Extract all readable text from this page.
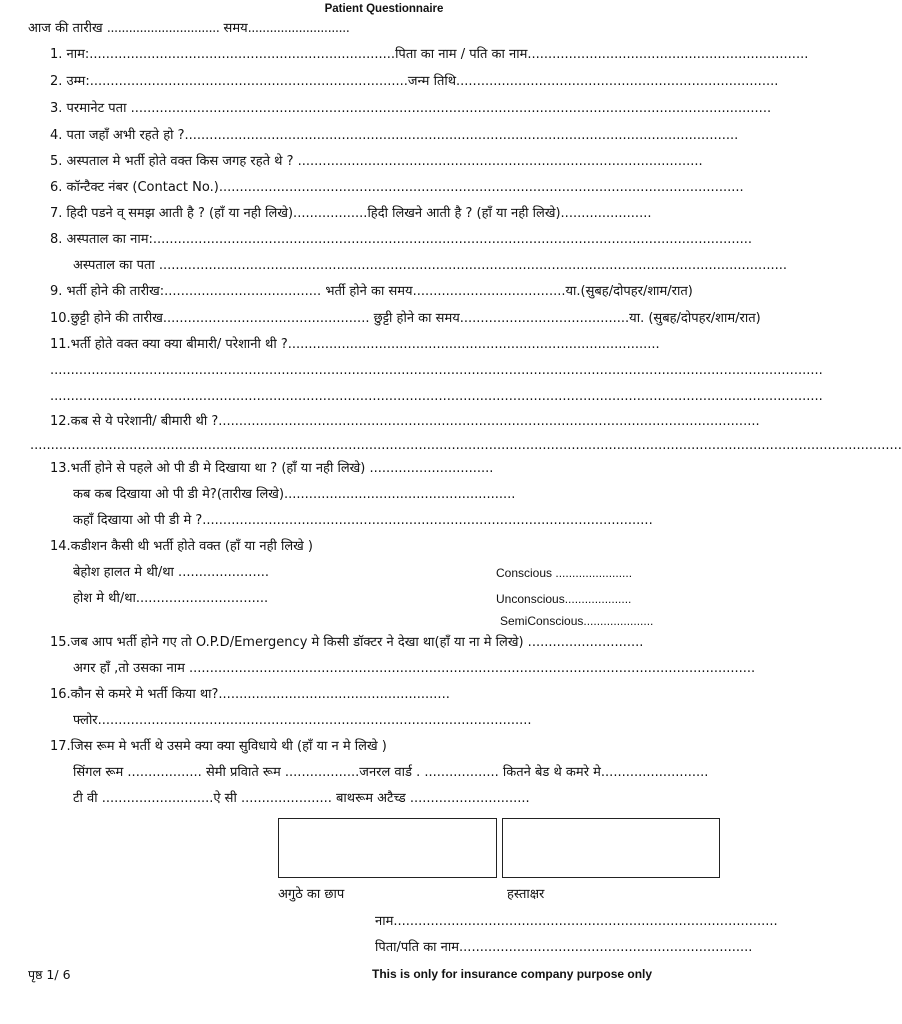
Patient Questionnaire
आज की तारीख ............................... समय............................
1. नाम:..........................................................................पिता का नाम / पति का नाम....................................................................
2. उम्म:.............................................................................जन्म तिथि..............................................................................
3. परमानेट पता ...........................................................................................................................................................
4. पता जहाँ अभी रहते हो ?......................................................................................................................................
5. अस्पताल मे भर्ती होते वक्त किस जगह रहते थे ? ..................................................................................................
6. कॉन्टैक्ट नंबर (Contact No.)...............................................................................................................................
7. हिदी पडने व् समझ आती है ? (हाँ या नही लिखे)..................हिदी लिखने आती है ? (हाँ या नही लिखे)......................
8. अस्पताल का नाम:.................................................................................................................................................
अस्पताल का पता ........................................................................................................................................................
9. भर्ती होने की तारीख:...................................... भर्ती होने का समय.....................................या.(सुबह/दोपहर/शाम/रात)
10.छुट्टी होने की तारीख.................................................. छुट्टी होने का समय.........................................या. (सुबह/दोपहर/शाम/रात)
11.भर्ती होते वक्त क्या क्या बीमारी/ परेशानी थी ?..........................................................................................
...........................................................................................................................................................................................
...........................................................................................................................................................................................
12.कब से ये परेशानी/ बीमारी थी ?...................................................................................................................................
...................................................................................................................................................................................................................
13.भर्ती होने से पहले ओ पी डी मे दिखाया था ? (हाँ या नही लिखे) ..............................
कब कब दिखाया ओ पी डी मे?(तारीख लिखे)........................................................
कहाँ दिखाया ओ पी डी मे ?.............................................................................................................
14.कडीशन कैसी थी भर्ती होते वक्त (हाँ या नही लिखे )
बेहोश हालत मे थी/था ......................	Conscious .......................
होश मे थी/था................................	Unconscious....................
SemiConscious.....................
15.जब आप भर्ती होने गए तो O.P.D/Emergency मे किसी डॉक्टर ने देखा था(हाँ या ना मे लिखे) ............................
अगर हाँ ,तो उसका नाम .........................................................................................................................................
16.कौन से कमरे मे भर्ती किया था?........................................................
फ्लोर.........................................................................................................
17.जिस रूम मे भर्ती थे उसमे क्या क्या सुविधाये थी (हाँ या न मे लिखे )
सिंगल रूम .................. सेमी प्रविाते रूम ..................जनरल वार्ड . .................. कितने बेड थे कमरे मे..........................
टी वी ...........................ऐ सी ...................... बाथरूम अटैच्ड .............................
अगुठे का छाप	हस्ताक्षर
नाम.............................................................................................
पिता/पति का नाम.......................................................................
पृष्ठ 1/ 6	This is only for insurance company purpose only
